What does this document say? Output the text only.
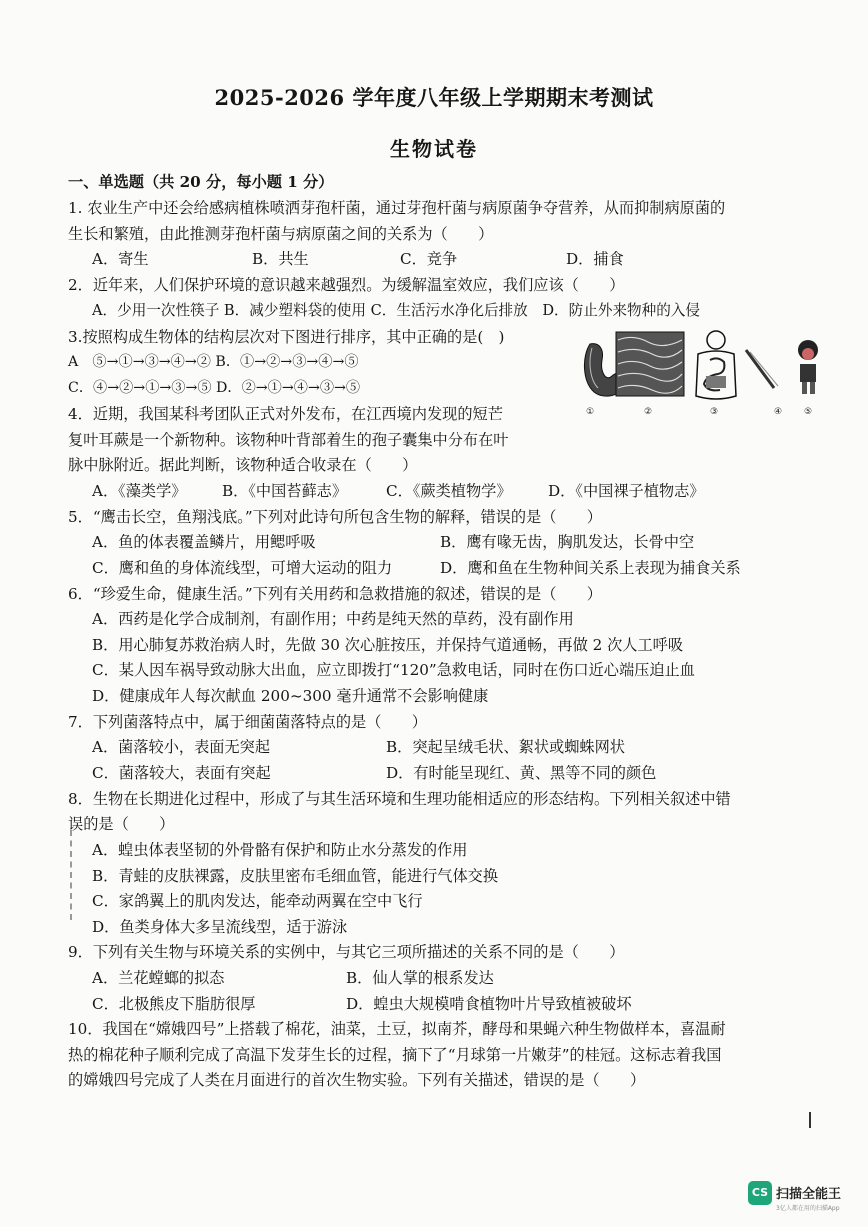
2025-2026 学年度八年级上学期期末考测试
生物试卷
一、单选题（共 20 分，每小题 1 分）
1. 农业生产中还会给感病植株喷洒芽孢杆菌，通过芽孢杆菌与病原菌争夺营养，从而抑制病原菌的
生长和繁殖，由此推测芽孢杆菌与病原菌之间的关系为（　　）
A．寄生	B．共生	C．竞争	D．捕食
2．近年来，人们保护环境的意识越来越强烈。为缓解温室效应，我们应该（　　）
A．少用一次性筷子 B．减少塑料袋的使用 C．生活污水净化后排放　D．防止外来物种的入侵
3.按照构成生物体的结构层次对下图进行排序，其中正确的是(　)
A　⑤→①→③→④→② B．①→②→③→④→⑤
C．④→②→①→③→⑤ D．②→①→④→③→⑤
①	②	③	④ ⑤
4．近期，我国某科考团队正式对外发布，在江西境内发现的短芒
复叶耳蕨是一个新物种。该物种叶背部着生的孢子囊集中分布在叶
脉中脉附近。据此判断，该物种适合收录在（　　）
A．《藻类学》 B．《中国苔藓志》	C．《蕨类植物学》 D．《中国裸子植物志》
5．“鹰击长空，鱼翔浅底。”下列对此诗句所包含生物的解释，错误的是（　　）
A．鱼的体表覆盖鳞片，用鳃呼吸	B．鹰有喙无齿，胸肌发达，长骨中空
C．鹰和鱼的身体流线型，可增大运动的阻力	D．鹰和鱼在生物种间关系上表现为捕食关系
6．“珍爱生命，健康生活。”下列有关用药和急救措施的叙述，错误的是（　　）
A．西药是化学合成制剂，有副作用；中药是纯天然的草药，没有副作用
B．用心肺复苏救治病人时，先做 30 次心脏按压，并保持气道通畅，再做 2 次人工呼吸
C．某人因车祸导致动脉大出血，应立即拨打“120”急救电话，同时在伤口近心端压迫止血
D．健康成年人每次献血 200~300 毫升通常不会影响健康
7．下列菌落特点中，属于细菌菌落特点的是（　　）
A．菌落较小，表面无突起	B．突起呈绒毛状、絮状或蜘蛛网状
C．菌落较大，表面有突起	D．有时能呈现红、黄、黑等不同的颜色
8．生物在长期进化过程中，形成了与其生活环境和生理功能相适应的形态结构。下列相关叙述中错
误的是（　　）
A．蝗虫体表坚韧的外骨骼有保护和防止水分蒸发的作用
B．青蛙的皮肤裸露，皮肤里密布毛细血管，能进行气体交换
C．家鸽翼上的肌肉发达，能牵动两翼在空中飞行
D．鱼类身体大多呈流线型，适于游泳
9．下列有关生物与环境关系的实例中，与其它三项所描述的关系不同的是（　　）
A．兰花螳螂的拟态	B．仙人掌的根系发达
C．北极熊皮下脂肪很厚	D．蝗虫大规模啃食植物叶片导致植被破坏
10．我国在“嫦娥四号”上搭载了棉花，油菜，土豆，拟南芥，酵母和果蝇六种生物做样本，喜温耐
热的棉花种子顺利完成了高温下发芽生长的过程，摘下了“月球第一片嫩芽”的桂冠。这标志着我国
的嫦娥四号完成了人类在月面进行的首次生物实验。下列有关描述，错误的是（　　）
CS 扫描全能王
3亿人都在用的扫描App
